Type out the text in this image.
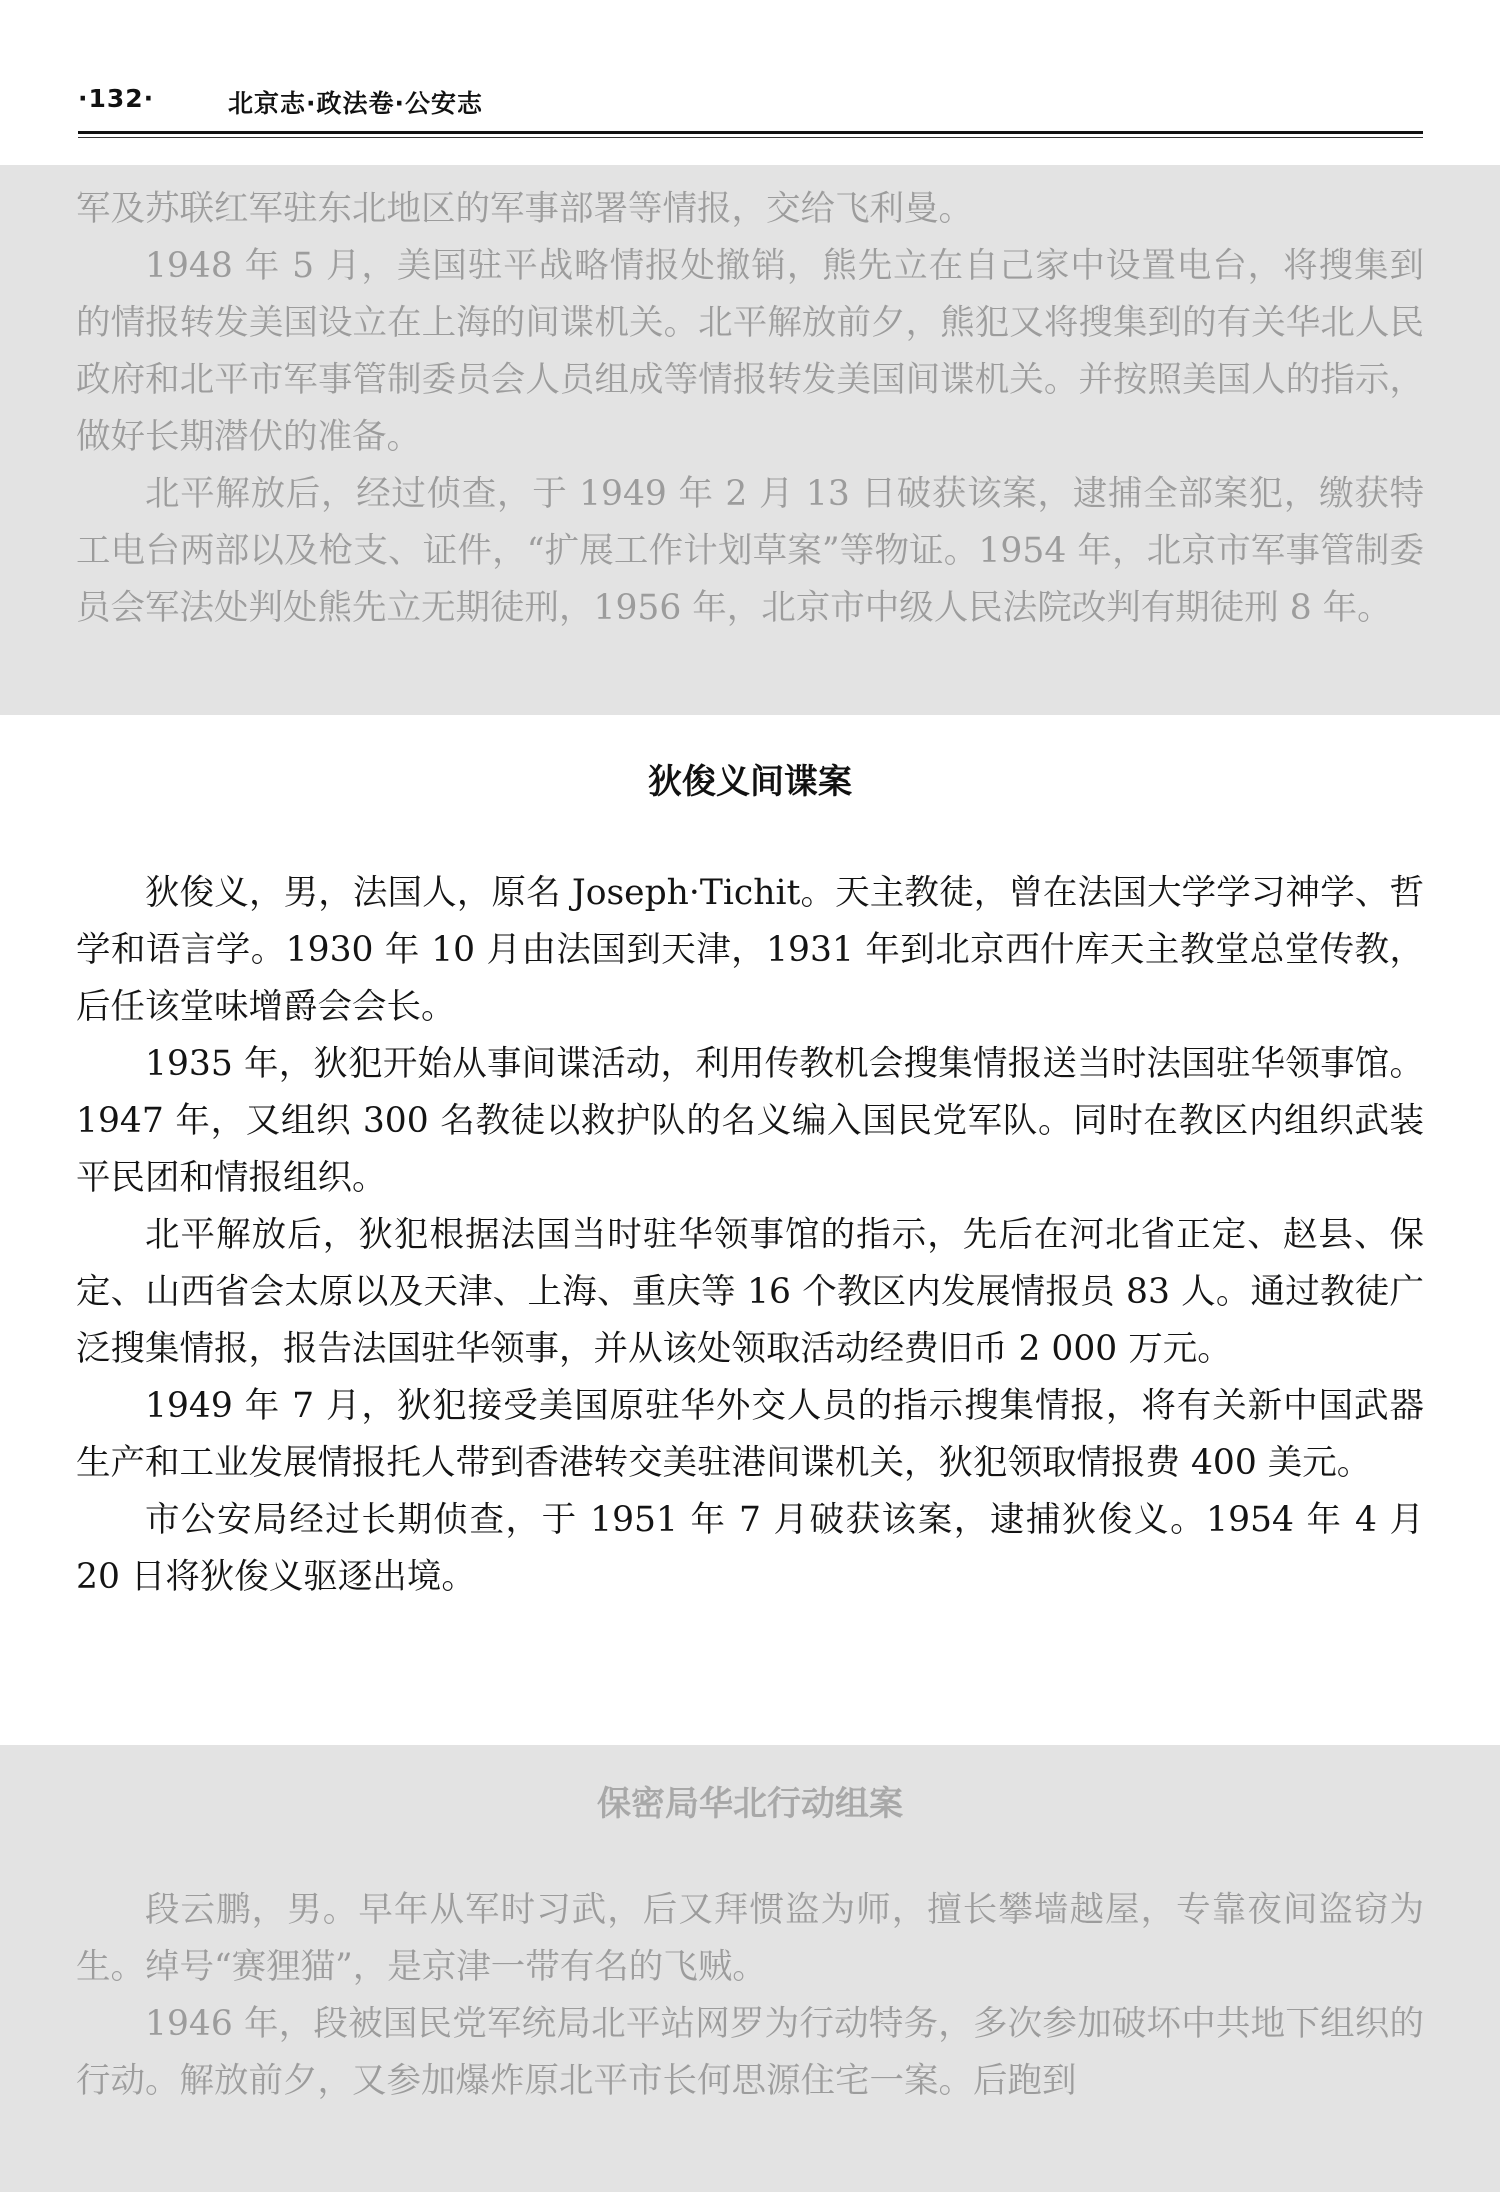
·132·	北京志·政法卷·公安志

军及苏联红军驻东北地区的军事部署等情报，交给飞利曼。

1948 年 5 月，美国驻平战略情报处撤销，熊先立在自己家中设置电台，将搜集到的情报转发美国设立在上海的间谍机关。北平解放前夕，熊犯又将搜集到的有关华北人民政府和北平市军事管制委员会人员组成等情报转发美国间谍机关。并按照美国人的指示，做好长期潜伏的准备。

北平解放后，经过侦查，于 1949 年 2 月 13 日破获该案，逮捕全部案犯，缴获特工电台两部以及枪支、证件，“扩展工作计划草案”等物证。1954 年，北京市军事管制委员会军法处判处熊先立无期徒刑，1956 年，北京市中级人民法院改判有期徒刑 8 年。

狄俊义间谍案

狄俊义，男，法国人，原名 Joseph·Tichit。天主教徒，曾在法国大学学习神学、哲学和语言学。1930 年 10 月由法国到天津，1931 年到北京西什库天主教堂总堂传教，后任该堂味增爵会会长。

1935 年，狄犯开始从事间谍活动，利用传教机会搜集情报送当时法国驻华领事馆。1947 年，又组织 300 名教徒以救护队的名义编入国民党军队。同时在教区内组织武装平民团和情报组织。

北平解放后，狄犯根据法国当时驻华领事馆的指示，先后在河北省正定、赵县、保定、山西省会太原以及天津、上海、重庆等 16 个教区内发展情报员 83 人。通过教徒广泛搜集情报，报告法国驻华领事，并从该处领取活动经费旧币 2 000 万元。

1949 年 7 月，狄犯接受美国原驻华外交人员的指示搜集情报，将有关新中国武器生产和工业发展情报托人带到香港转交美驻港间谍机关，狄犯领取情报费 400 美元。

市公安局经过长期侦查，于 1951 年 7 月破获该案，逮捕狄俊义。1954 年 4 月 20 日将狄俊义驱逐出境。

保密局华北行动组案

段云鹏，男。早年从军时习武，后又拜惯盗为师，擅长攀墙越屋，专靠夜间盗窃为生。绰号“赛狸猫”，是京津一带有名的飞贼。

1946 年，段被国民党军统局北平站网罗为行动特务，多次参加破坏中共地下组织的行动。解放前夕，又参加爆炸原北平市长何思源住宅一案。后跑到
